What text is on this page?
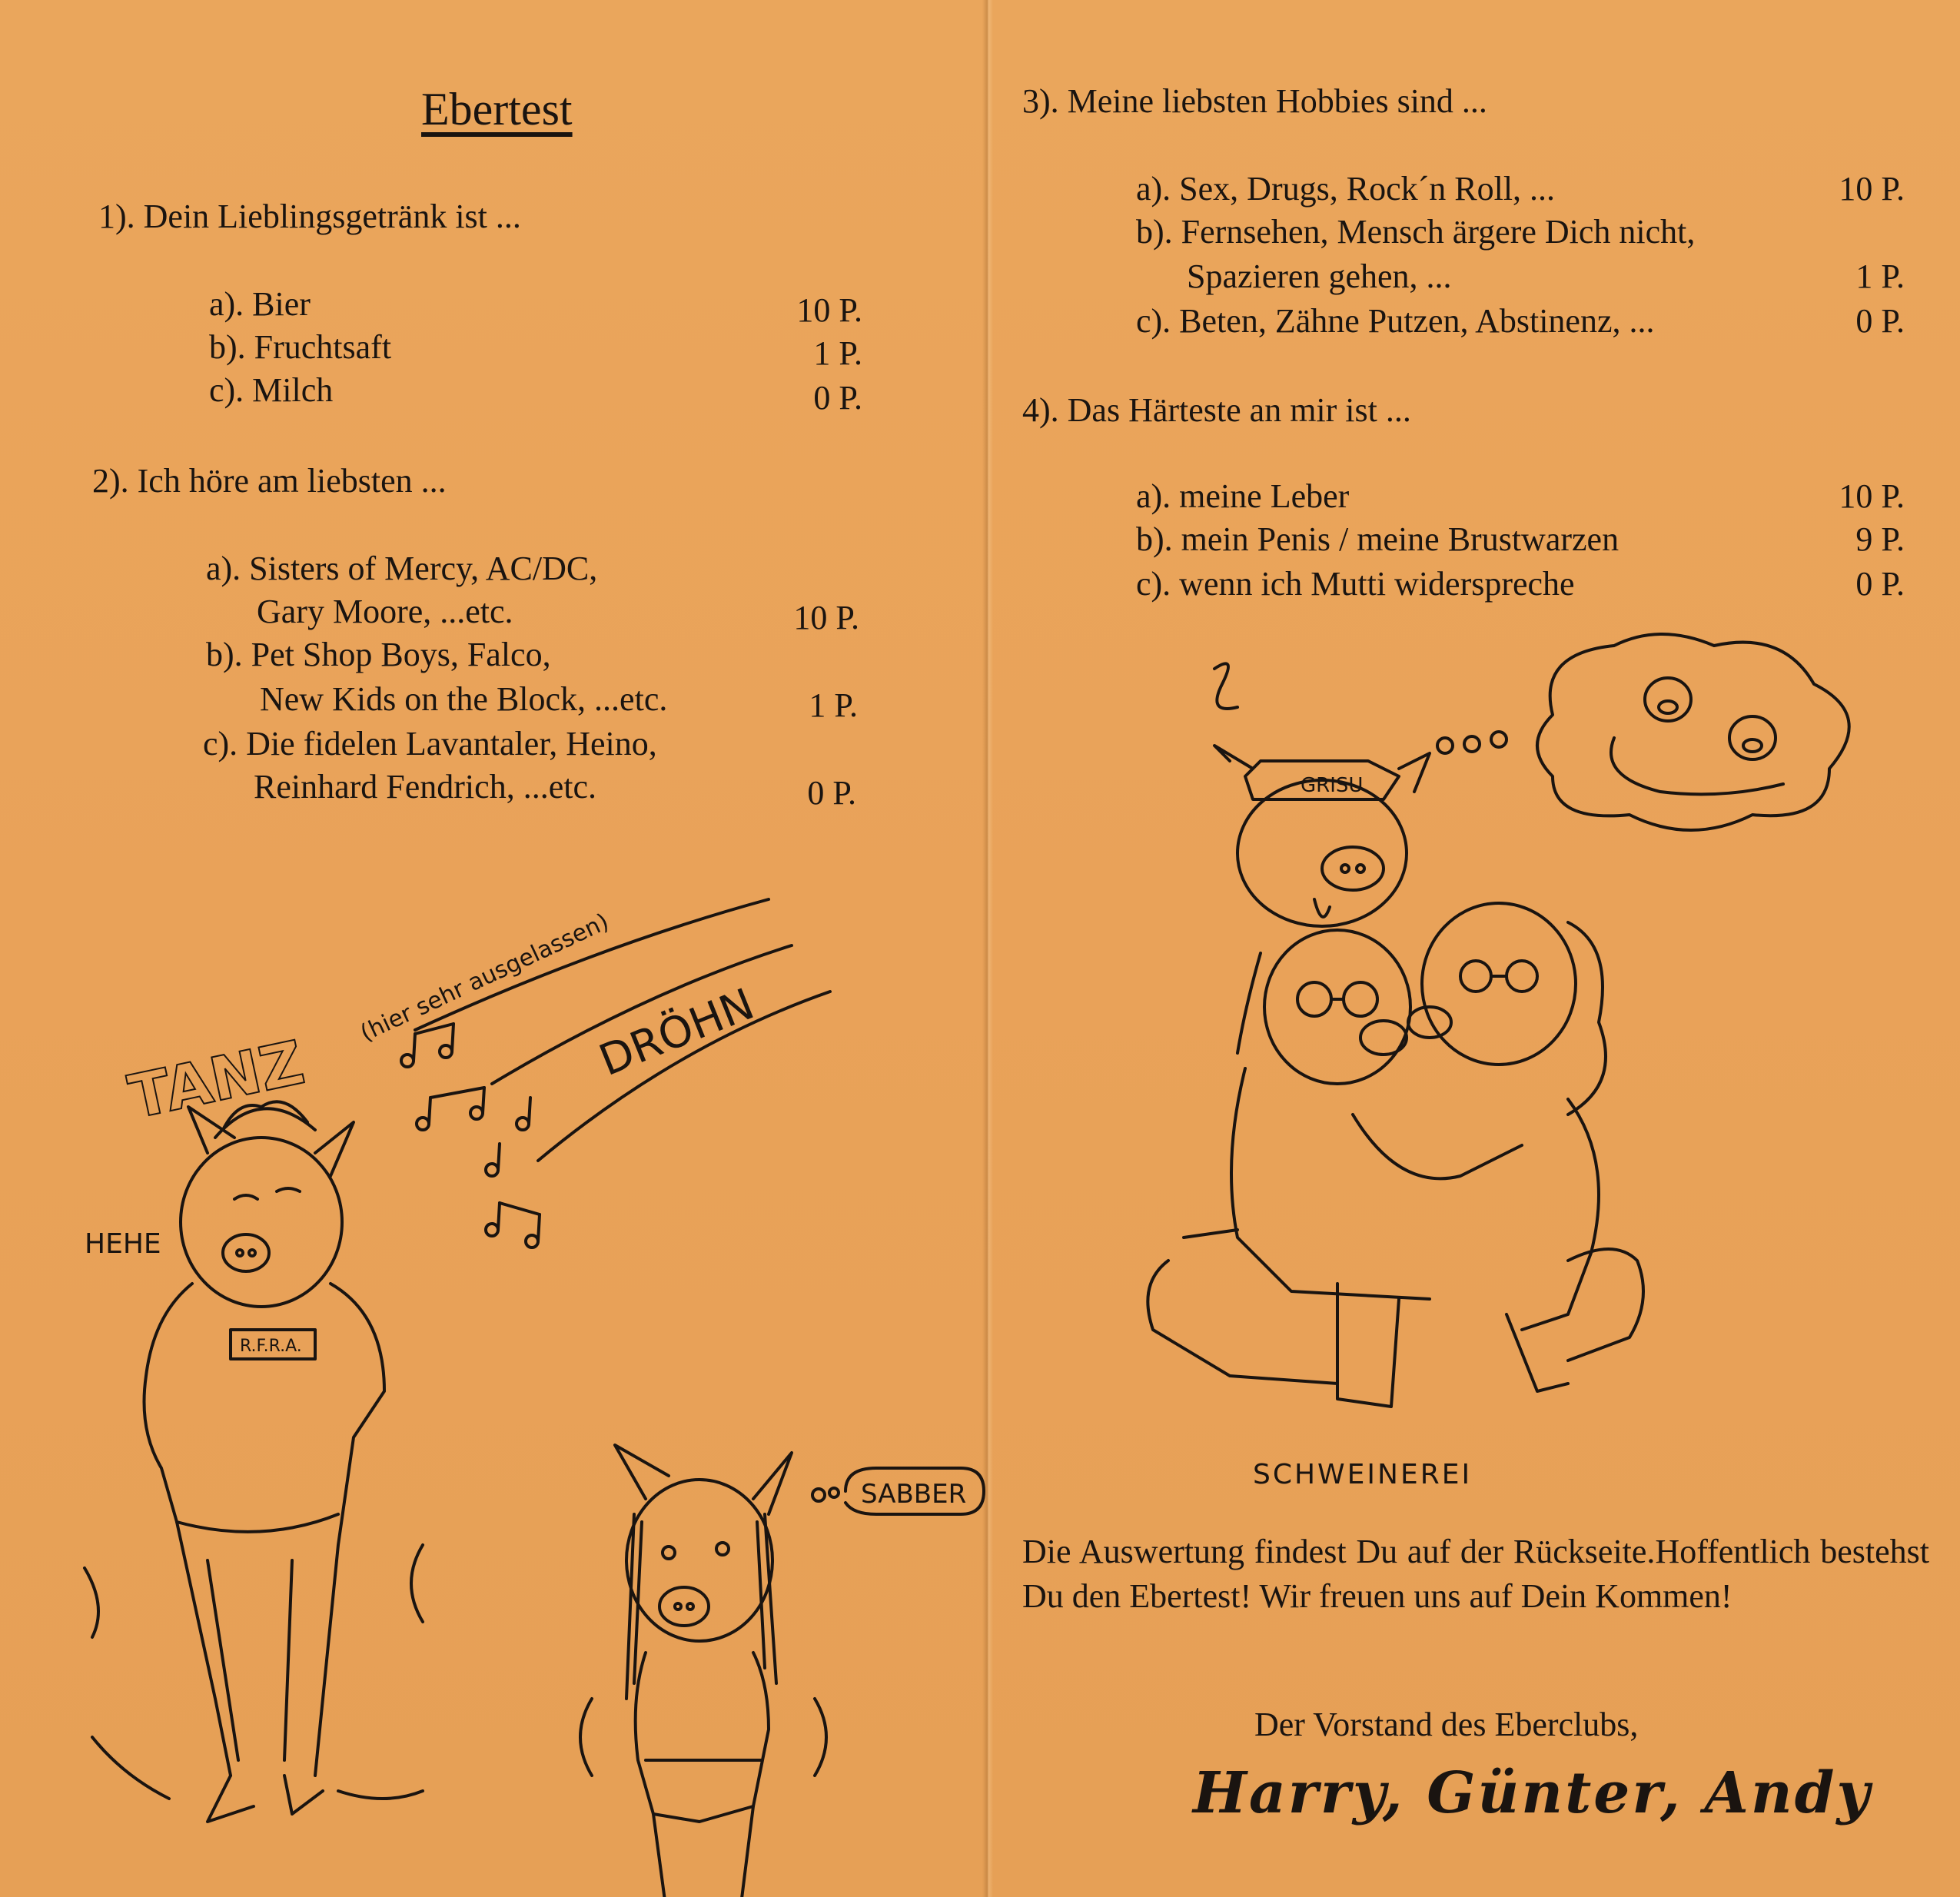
Ebertest
1). Dein Lieblingsgetränk ist ...
a). Bier	10 P.
b). Fruchtsaft	1 P.
c). Milch	0 P.
2). Ich höre am liebsten ...
a). Sisters of Mercy, AC/DC,
Gary Moore, ...etc.	10 P.
b). Pet Shop Boys, Falco,
New Kids on the Block, ...etc.	1 P.
c). Die fidelen Lavantaler, Heino,
Reinhard Fendrich, ...etc.	0 P.
TANZ
(hier sehr ausgelassen)
DRÖHN
HEHE
R.F.R.A.
SABBER
3). Meine liebsten Hobbies sind ...
a). Sex, Drugs, Rock´n Roll, ...	10 P.
b). Fernsehen, Mensch ärgere Dich nicht,
Spazieren gehen, ...	1 P.
c). Beten, Zähne Putzen, Abstinenz, ...	0 P.
4). Das Härteste an mir ist ...
a). meine Leber	10 P.
b). mein Penis / meine Brustwarzen	9 P.
c). wenn ich Mutti widerspreche	0 P.
GRISU
SCHWEINEREI
Die Auswertung findest Du auf der Rückseite.Hoffentlich bestehst Du den Ebertest! Wir freuen uns auf Dein Kommen!
Der Vorstand des Eberclubs,
Harry, Günter, Andy
